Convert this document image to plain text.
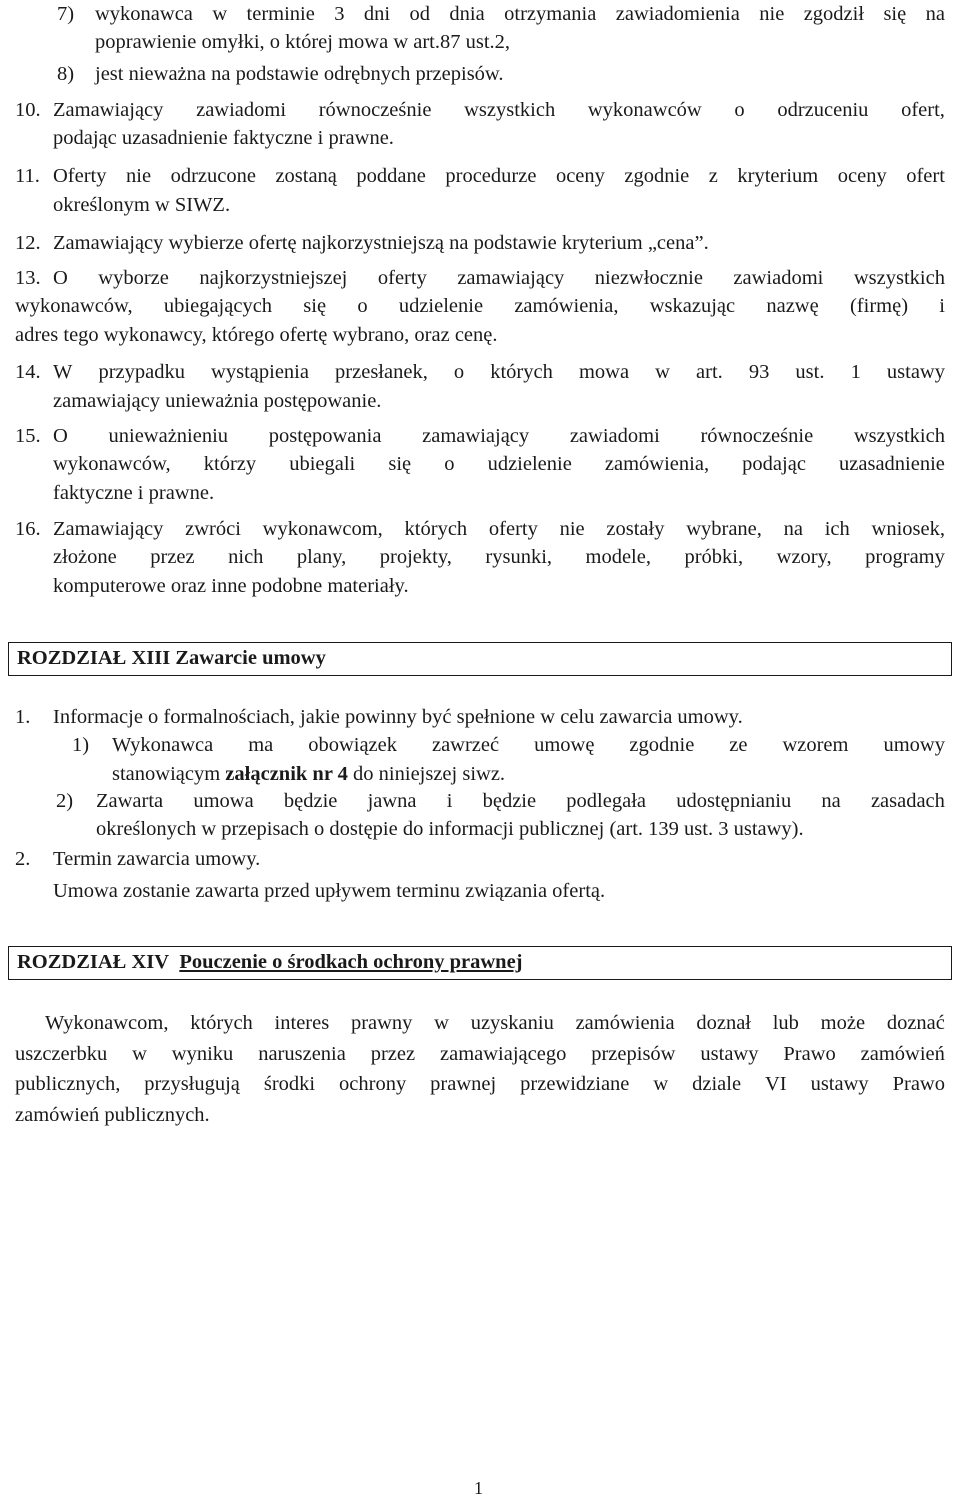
7) wykonawca w terminie 3 dni od dnia otrzymania zawiadomienia nie zgodził się na
poprawienie omyłki, o której mowa w art.87 ust.2,
8) jest nieważna na podstawie odrębnych przepisów.
10. Zamawiający zawiadomi równocześnie wszystkich wykonawców o odrzuceniu ofert,
podając uzasadnienie faktyczne i prawne.
11. Oferty nie odrzucone zostaną poddane procedurze oceny zgodnie z kryterium oceny ofert
określonym w SIWZ.
12. Zamawiający wybierze ofertę najkorzystniejszą na podstawie kryterium „cena”.
13. O wyborze najkorzystniejszej oferty zamawiający niezwłocznie zawiadomi wszystkich
wykonawców, ubiegających się o udzielenie zamówienia, wskazując nazwę (firmę) i
adres tego wykonawcy, którego ofertę wybrano, oraz cenę.
14. W przypadku wystąpienia przesłanek, o których mowa w art. 93 ust. 1 ustawy
zamawiający unieważnia postępowanie.
15. O unieważnieniu postępowania zamawiający zawiadomi równocześnie wszystkich
wykonawców, którzy ubiegali się o udzielenie zamówienia, podając uzasadnienie
faktyczne i prawne.
16. Zamawiający zwróci wykonawcom, których oferty nie zostały wybrane, na ich wniosek,
złożone przez nich plany, projekty, rysunki, modele, próbki, wzory, programy
komputerowe oraz inne podobne materiały.
ROZDZIAŁ XIII Zawarcie umowy
1. Informacje o formalnościach, jakie powinny być spełnione w celu zawarcia umowy.
1) Wykonawca ma obowiązek zawrzeć umowę zgodnie ze wzorem umowy
stanowiącym załącznik nr 4 do niniejszej siwz.
2) Zawarta umowa będzie jawna i będzie podlegała udostępnianiu na zasadach
określonych w przepisach o dostępie do informacji publicznej (art. 139 ust. 3 ustawy).
2. Termin zawarcia umowy.
Umowa zostanie zawarta przed upływem terminu związania ofertą.
ROZDZIAŁ XIV Pouczenie o środkach ochrony prawnej
Wykonawcom, których interes prawny w uzyskaniu zamówienia doznał lub może doznać
uszczerbku w wyniku naruszenia przez zamawiającego przepisów ustawy Prawo zamówień
publicznych, przysługują środki ochrony prawnej przewidziane w dziale VI ustawy Prawo
zamówień publicznych.
1
